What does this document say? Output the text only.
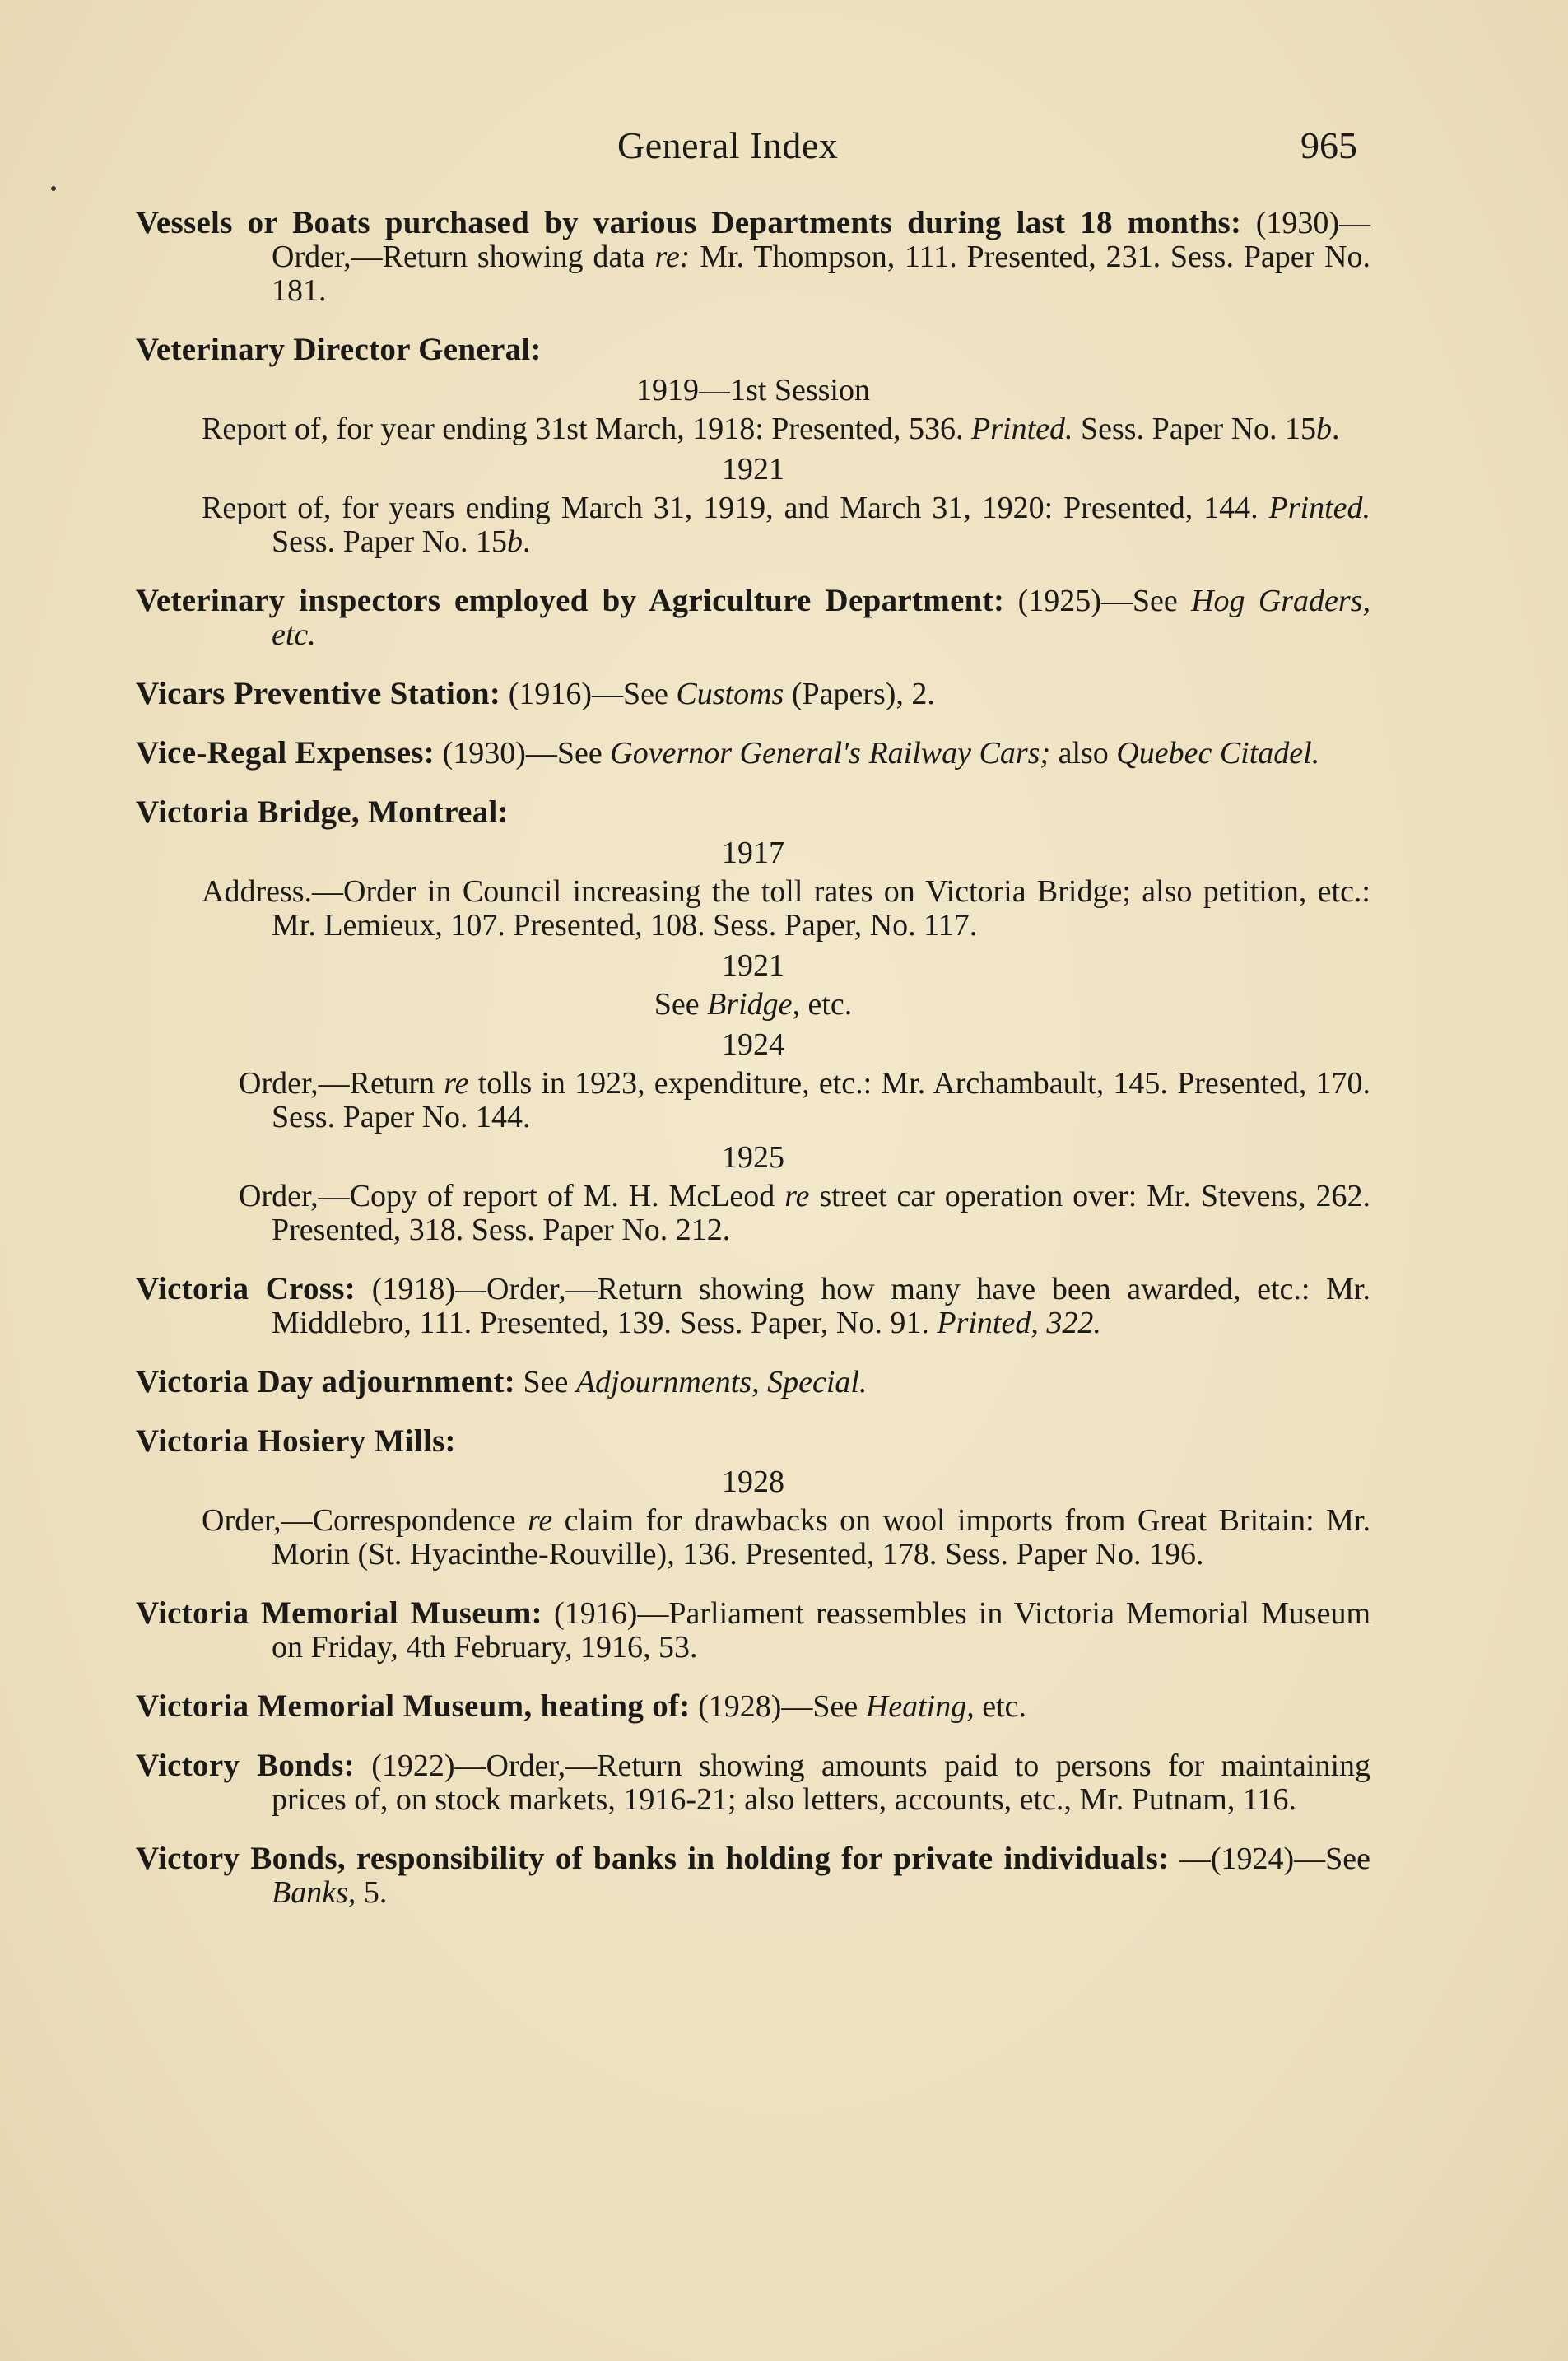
General Index	965
Vessels or Boats purchased by various Departments during last 18 months: (1930)—Order,—Return showing data re: Mr. Thompson, 111. Presented, 231. Sess. Paper No. 181.
Veterinary Director General:
1919—1st Session
Report of, for year ending 31st March, 1918: Presented, 536. Printed. Sess. Paper No. 15b.
1921
Report of, for years ending March 31, 1919, and March 31, 1920: Presented, 144. Printed. Sess. Paper No. 15b.
Veterinary inspectors employed by Agriculture Department: (1925)—See Hog Graders, etc.
Vicars Preventive Station: (1916)—See Customs (Papers), 2.
Vice-Regal Expenses: (1930)—See Governor General's Railway Cars; also Quebec Citadel.
Victoria Bridge, Montreal:
1917
Address.—Order in Council increasing the toll rates on Victoria Bridge; also petition, etc.: Mr. Lemieux, 107. Presented, 108. Sess. Paper, No. 117.
1921
See Bridge, etc.
1924
Order,—Return re tolls in 1923, expenditure, etc.: Mr. Archambault, 145. Presented, 170. Sess. Paper No. 144.
1925
Order,—Copy of report of M. H. McLeod re street car operation over: Mr. Stevens, 262. Presented, 318. Sess. Paper No. 212.
Victoria Cross: (1918)—Order,—Return showing how many have been awarded, etc.: Mr. Middlebro, 111. Presented, 139. Sess. Paper, No. 91. Printed, 322.
Victoria Day adjournment: See Adjournments, Special.
Victoria Hosiery Mills:
1928
Order,—Correspondence re claim for drawbacks on wool imports from Great Britain: Mr. Morin (St. Hyacinthe-Rouville), 136. Presented, 178. Sess. Paper No. 196.
Victoria Memorial Museum: (1916)—Parliament reassembles in Victoria Memorial Museum on Friday, 4th February, 1916, 53.
Victoria Memorial Museum, heating of: (1928)—See Heating, etc.
Victory Bonds: (1922)—Order,—Return showing amounts paid to persons for maintaining prices of, on stock markets, 1916-21; also letters, accounts, etc., Mr. Putnam, 116.
Victory Bonds, responsibility of banks in holding for private individuals: —(1924)—See Banks, 5.
